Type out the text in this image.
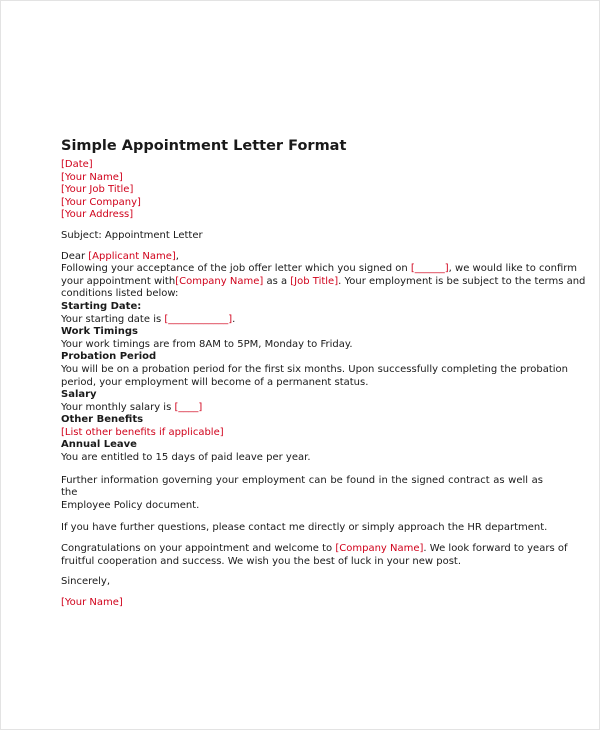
Simple Appointment Letter Format
[Date]
[Your Name]
[Your Job Title]
[Your Company]
[Your Address]
Subject: Appointment Letter
Dear [Applicant Name],
Following your acceptance of the job offer letter which you signed on [______], we would like to confirm
your appointment with[Company Name] as a [Job Title]. Your employment is be subject to the terms and
conditions listed below:
Starting Date:
Your starting date is [____________].
Work Timings
Your work timings are from 8AM to 5PM, Monday to Friday.
Probation Period
You will be on a probation period for the first six months. Upon successfully completing the probation
period, your employment will become of a permanent status.
Salary
Your monthly salary is [____]
Other Benefits
[List other benefits if applicable]
Annual Leave
You are entitled to 15 days of paid leave per year.
Further information governing your employment can be found in the signed contract as well as the
Employee Policy document.
If you have further questions, please contact me directly or simply approach the HR department.
Congratulations on your appointment and welcome to [Company Name]. We look forward to years of
fruitful cooperation and success. We wish you the best of luck in your new post.
Sincerely,
[Your Name]
